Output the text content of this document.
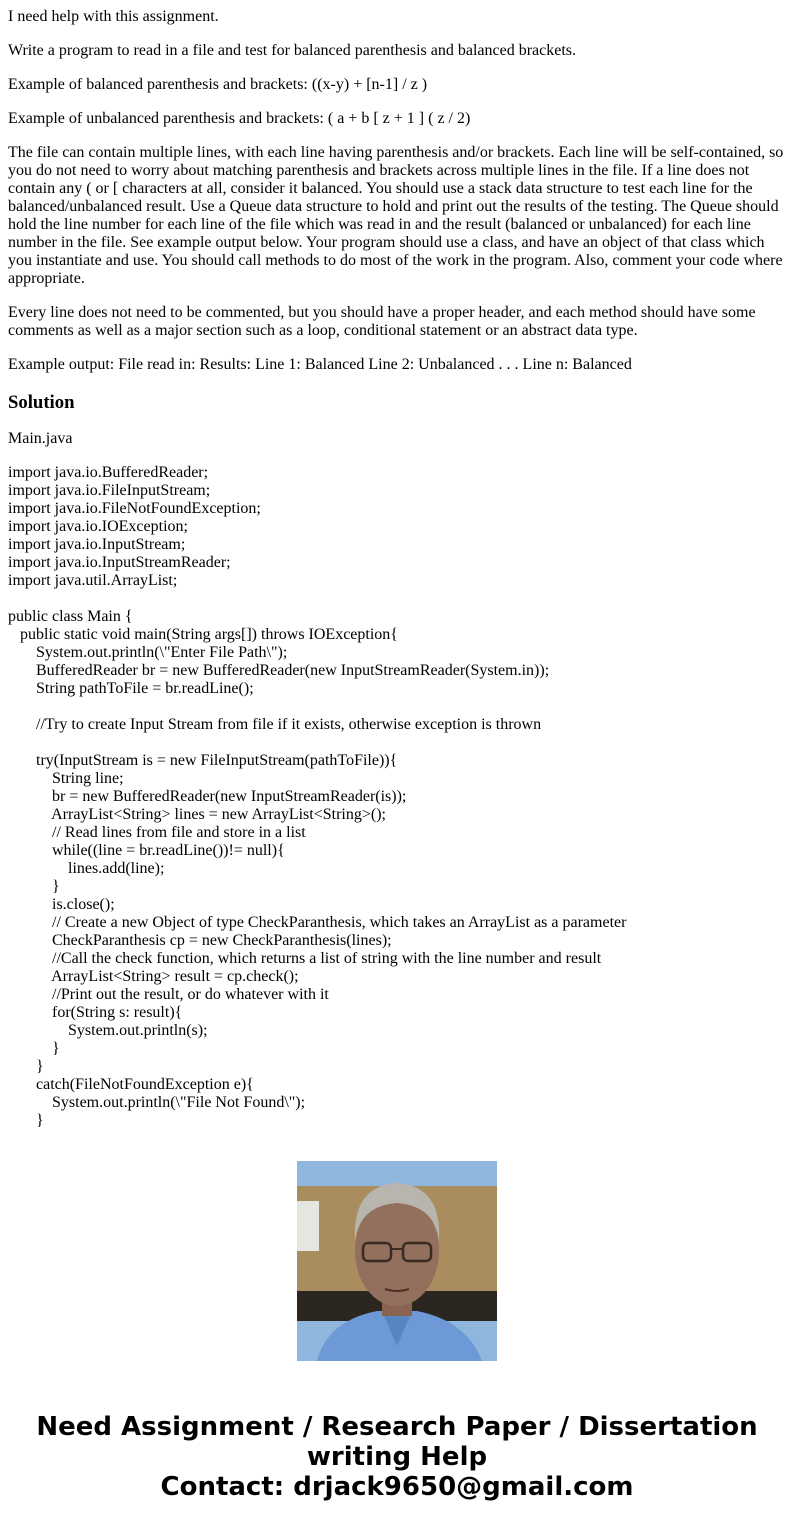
I need help with this assignment.

Write a program to read in a file and test for balanced parenthesis and balanced brackets.

Example of balanced parenthesis and brackets: ((x-y) + [n-1] / z )

Example of unbalanced parenthesis and brackets: ( a + b [ z + 1 ] ( z / 2)

The file can contain multiple lines, with each line having parenthesis and/or brackets. Each line will be self-contained, so you do not need to worry about matching parenthesis and brackets across multiple lines in the file. If a line does not contain any ( or [ characters at all, consider it balanced. You should use a stack data structure to test each line for the balanced/unbalanced result. Use a Queue data structure to hold and print out the results of the testing. The Queue should hold the line number for each line of the file which was read in and the result (balanced or unbalanced) for each line number in the file. See example output below. Your program should use a class, and have an object of that class which you instantiate and use. You should call methods to do most of the work in the program. Also, comment your code where appropriate.

Every line does not need to be commented, but you should have a proper header, and each method should have some comments as well as a major section such as a loop, conditional statement or an abstract data type.

Example output: File read in: Results: Line 1: Balanced Line 2: Unbalanced . . . Line n: Balanced

Solution

Main.java

import java.io.BufferedReader;
import java.io.FileInputStream;
import java.io.FileNotFoundException;
import java.io.IOException;
import java.io.InputStream;
import java.io.InputStreamReader;
import java.util.ArrayList;
public class Main {
public static void main(String args[]) throws IOException{
System.out.println(\"Enter File Path\");
BufferedReader br = new BufferedReader(new InputStreamReader(System.in));
String pathToFile = br.readLine();
//Try to create Input Stream from file if it exists, otherwise exception is thrown
try(InputStream is = new FileInputStream(pathToFile)){
String line;
br = new BufferedReader(new InputStreamReader(is));
ArrayList<String> lines = new ArrayList<String>();
// Read lines from file and store in a list
while((line = br.readLine())!= null){
lines.add(line);
}
is.close();
// Create a new Object of type CheckParanthesis, which takes an ArrayList as a parameter
CheckParanthesis cp = new CheckParanthesis(lines);
//Call the check function, which returns a list of string with the line number and result
ArrayList<String> result = cp.check();
//Print out the result, or do whatever with it
for(String s: result){
System.out.println(s);
}
}
catch(FileNotFoundException e){
System.out.println(\"File Not Found\");
}
Need Assignment / Research Paper / Dissertation
writing Help
Contact: drjack9650@gmail.com
